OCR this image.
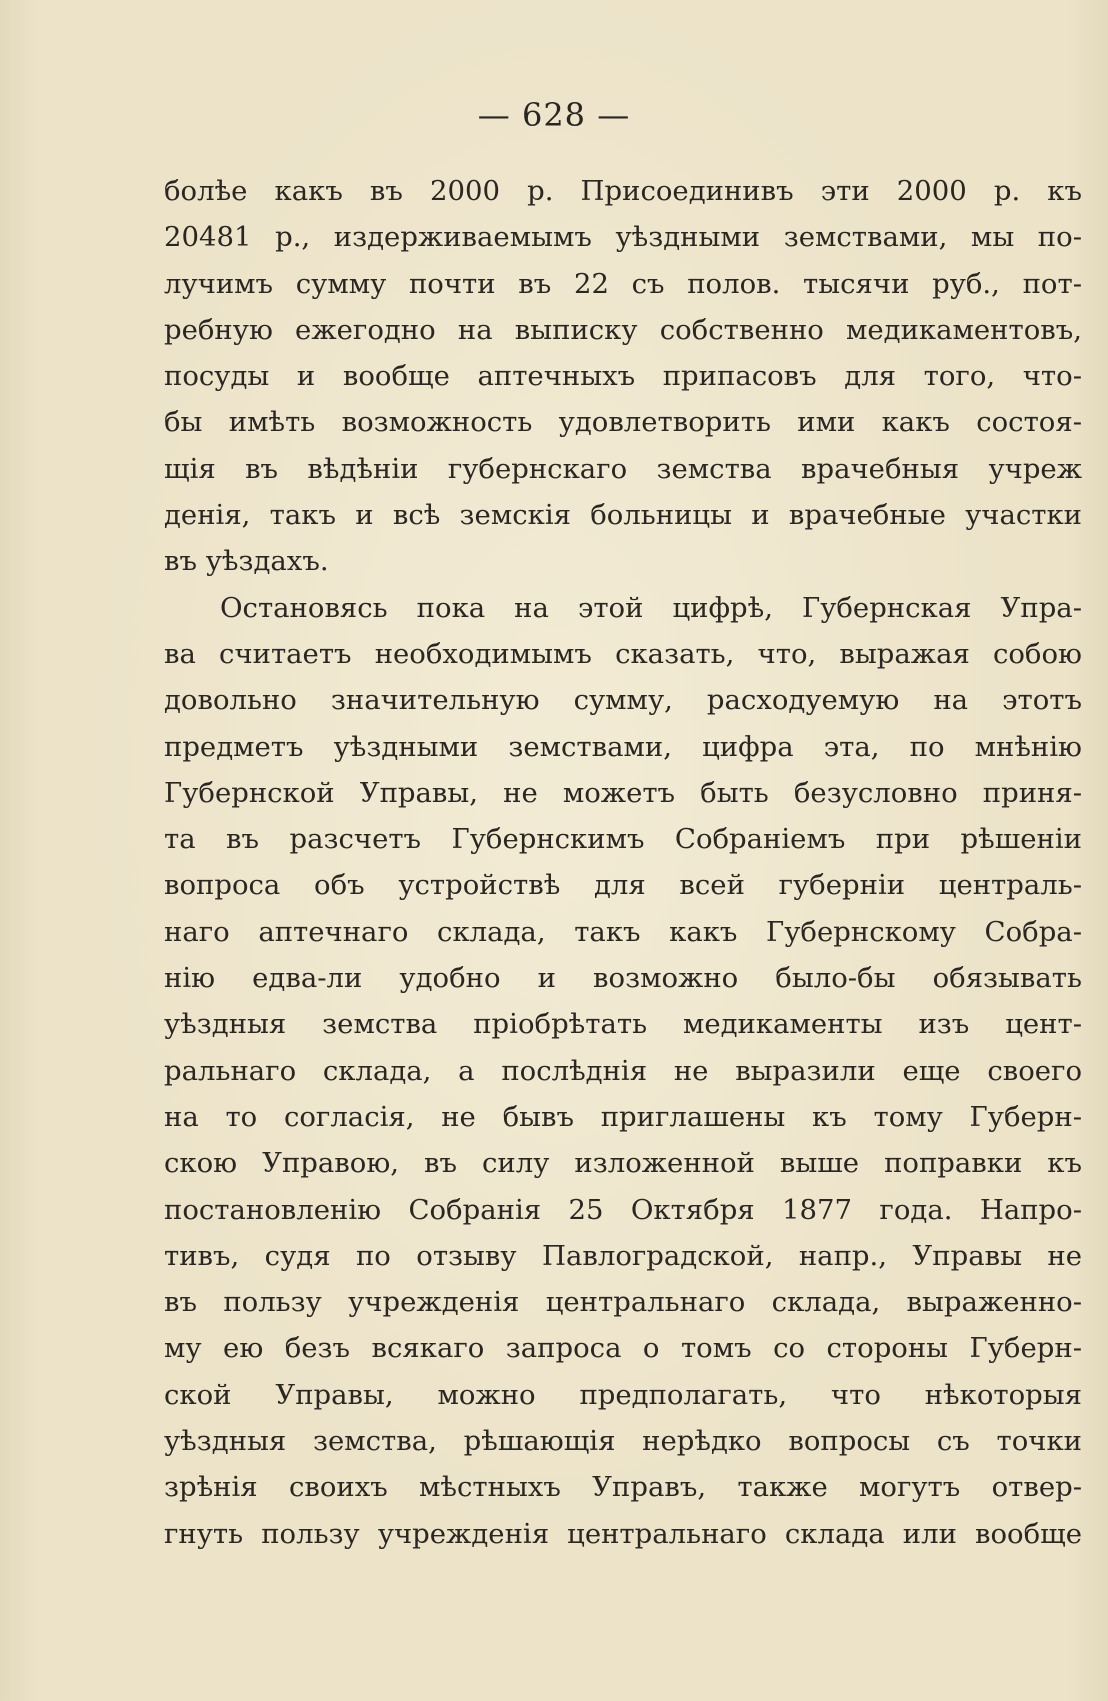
— 628 —
болѣе какъ въ 2000 р. Присоединивъ эти 2000 р. къ
20481 р., издерживаемымъ уѣздными земствами, мы по-
лучимъ сумму почти въ 22 съ полов. тысячи руб., пот-
ребную ежегодно на выписку собственно медикаментовъ,
посуды и вообще аптечныхъ припасовъ для того, что-
бы имѣть возможность удовлетворить ими какъ состоя-
щія въ вѣдѣніи губернскаго земства врачебныя учреж
денія, такъ и всѣ земскія больницы и врачебные участки
въ уѣздахъ.
Остановясь пока на этой цифрѣ, Губернская Упра-
ва считаетъ необходимымъ сказать, что, выражая собою
довольно значительную сумму, расходуемую на этотъ
предметъ уѣздными земствами, цифра эта, по мнѣнію
Губернской Управы, не можетъ быть безусловно приня-
та въ разсчетъ Губернскимъ Собраніемъ при рѣшеніи
вопроса объ устройствѣ для всей губерніи централь-
наго аптечнаго склада, такъ какъ Губернскому Собра-
нію едва-ли удобно и возможно было-бы обязывать
уѣздныя земства пріобрѣтать медикаменты изъ цент-
ральнаго склада, а послѣднія не выразили еще своего
на то согласія, не бывъ приглашены къ тому Губерн-
скою Управою, въ силу изложенной выше поправки къ
постановленію Собранія 25 Октября 1877 года. Напро-
тивъ, судя по отзыву Павлоградской, напр., Управы не
въ пользу учрежденія центральнаго склада, выраженно-
му ею безъ всякаго запроса о томъ со стороны Губерн-
ской Управы, можно предполагать, что нѣкоторыя
уѣздныя земства, рѣшающія нерѣдко вопросы съ точки
зрѣнія своихъ мѣстныхъ Управъ, также могутъ отвер-
гнуть пользу учрежденія центральнаго склада или вообще
